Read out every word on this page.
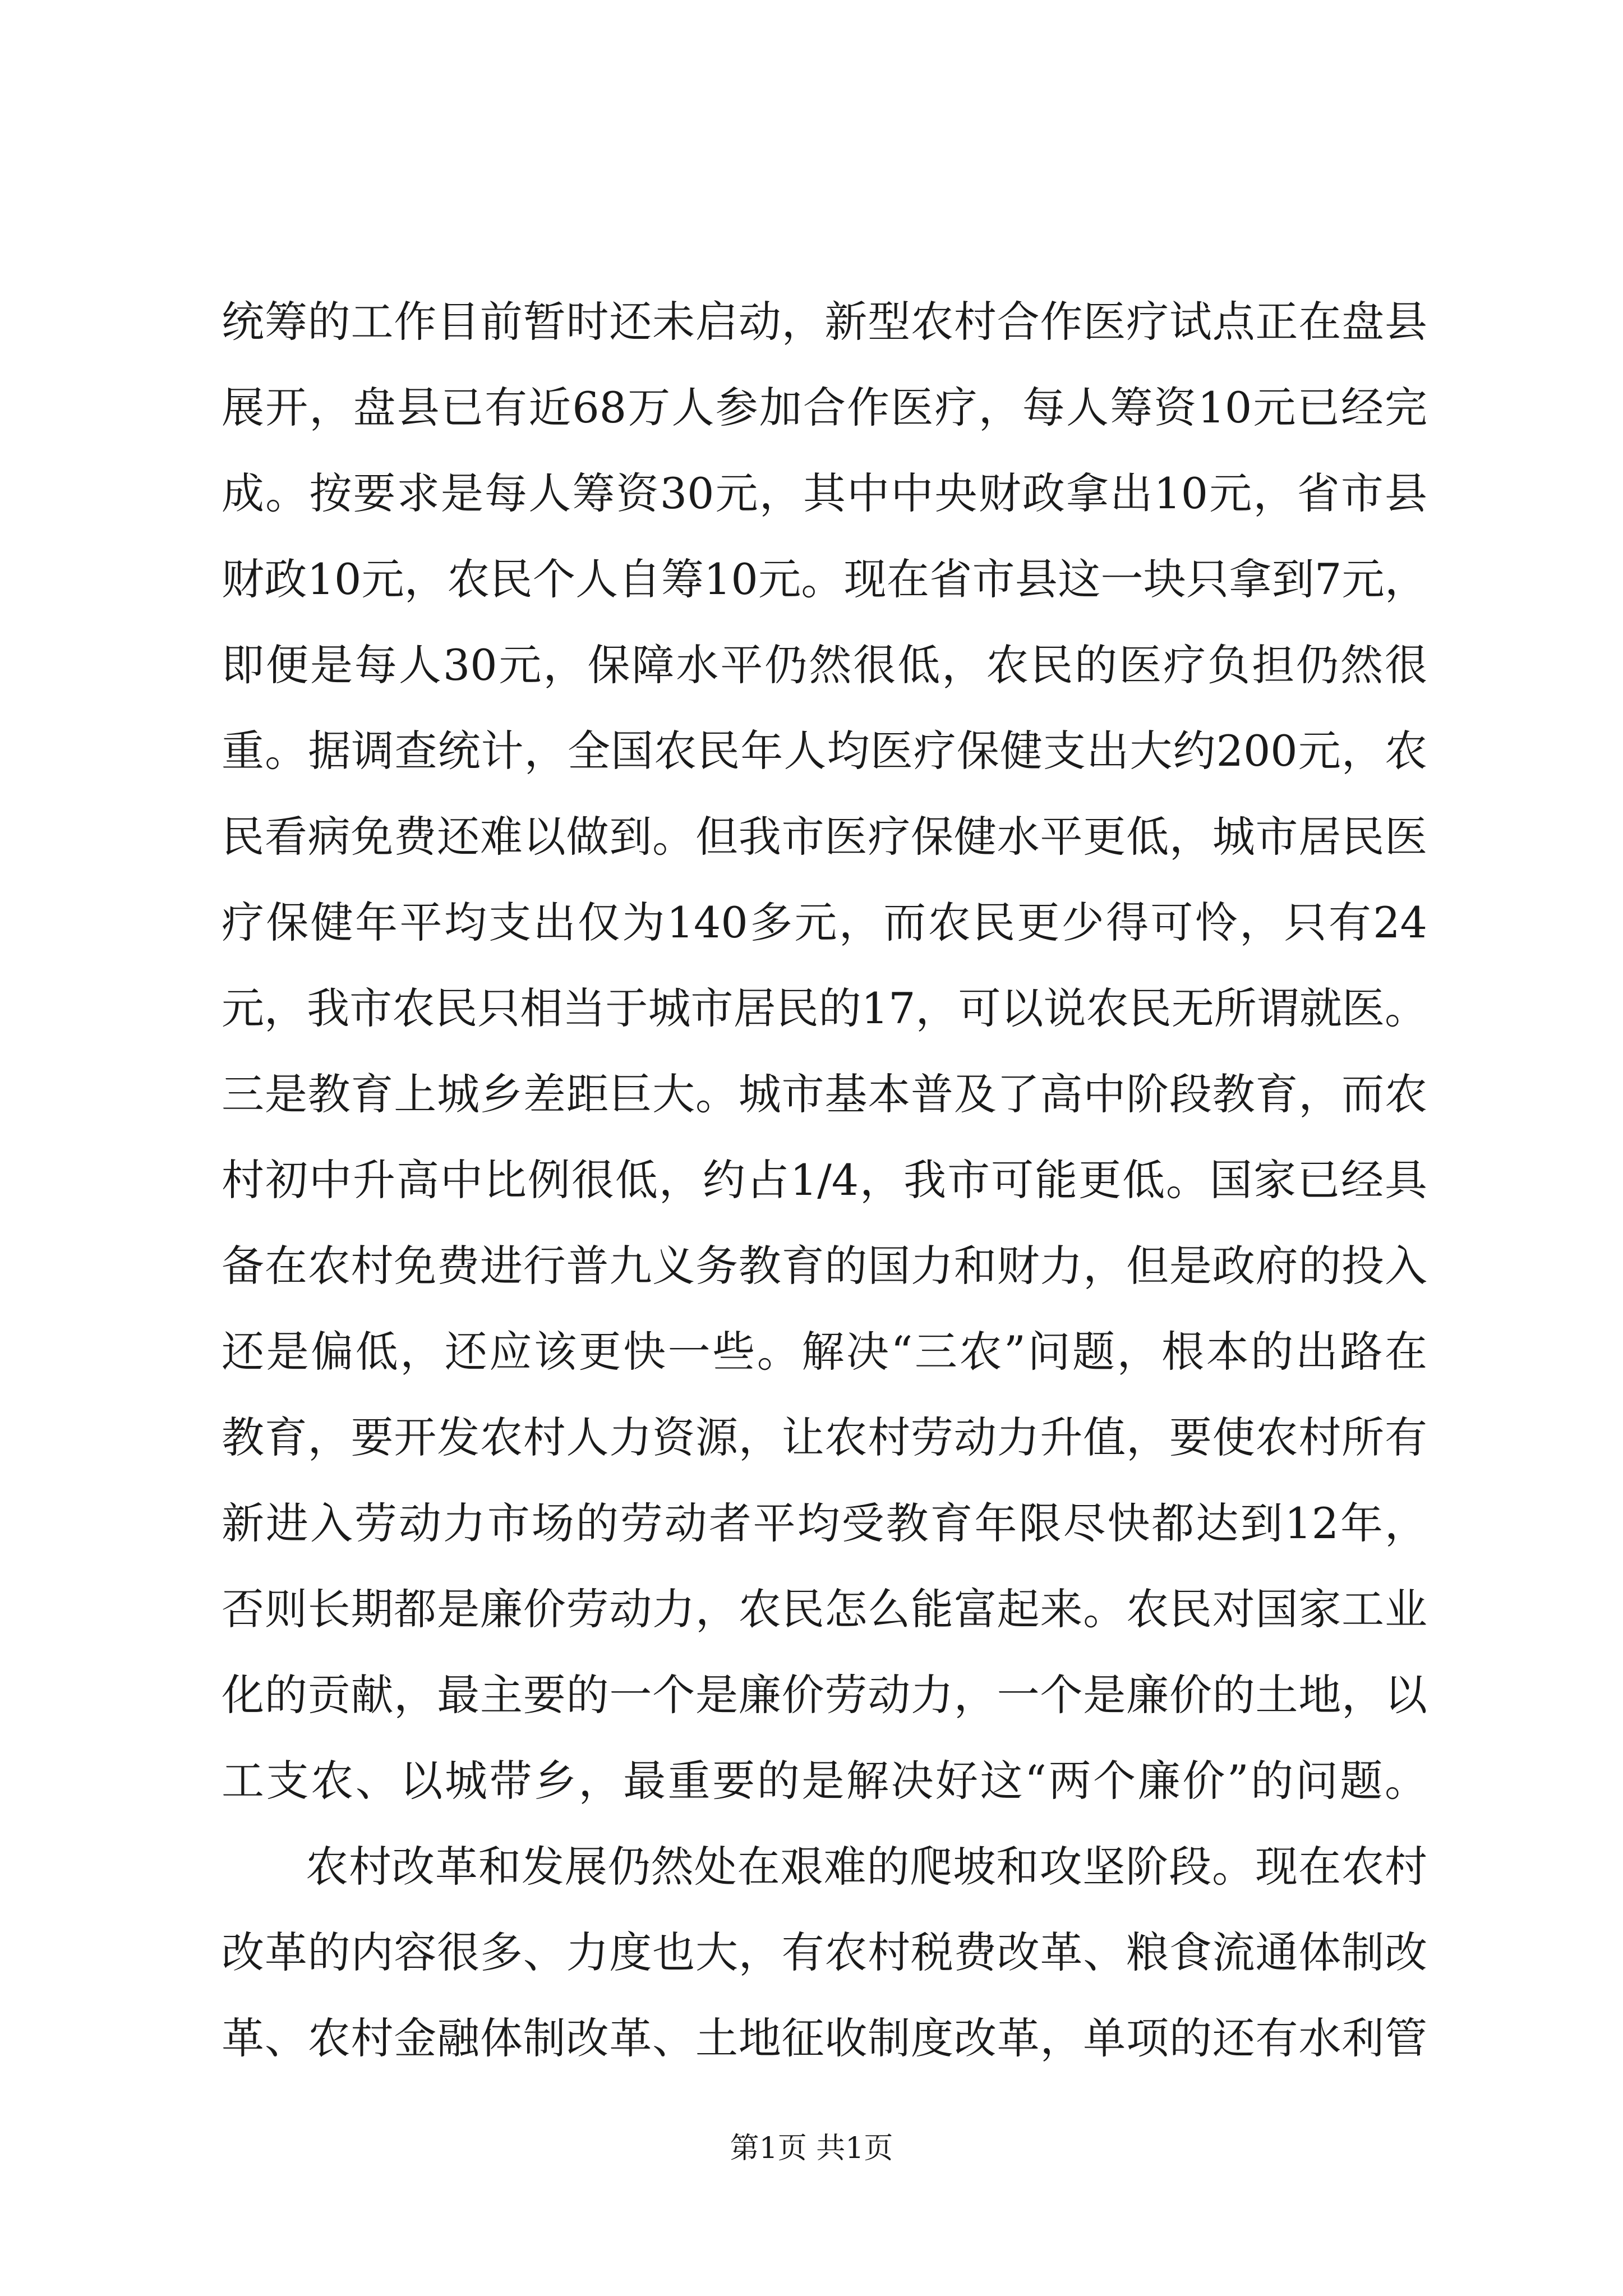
统筹的工作目前暂时还未启动，新型农村合作医疗试点正在盘县
展开，盘县已有近68万人参加合作医疗，每人筹资10元已经完
成。按要求是每人筹资30元，其中中央财政拿出10元，省市县
财政10元，农民个人自筹10元。现在省市县这一块只拿到7元，
即便是每人30元，保障水平仍然很低，农民的医疗负担仍然很
重。据调查统计，全国农民年人均医疗保健支出大约200元，农
民看病免费还难以做到。但我市医疗保健水平更低，城市居民医
疗保健年平均支出仅为140多元，而农民更少得可怜，只有24
元，我市农民只相当于城市居民的17，可以说农民无所谓就医。
三是教育上城乡差距巨大。城市基本普及了高中阶段教育，而农
村初中升高中比例很低，约占1/4，我市可能更低。国家已经具
备在农村免费进行普九义务教育的国力和财力，但是政府的投入
还是偏低，还应该更快一些。解决“三农”问题，根本的出路在
教育，要开发农村人力资源，让农村劳动力升值，要使农村所有
新进入劳动力市场的劳动者平均受教育年限尽快都达到12年，
否则长期都是廉价劳动力，农民怎么能富起来。农民对国家工业
化的贡献，最主要的一个是廉价劳动力，一个是廉价的土地，以
工支农、以城带乡，最重要的是解决好这“两个廉价”的问题。
农村改革和发展仍然处在艰难的爬坡和攻坚阶段。现在农村
改革的内容很多、力度也大，有农村税费改革、粮食流通体制改
革、农村金融体制改革、土地征收制度改革，单项的还有水利管
第1页 共1页
